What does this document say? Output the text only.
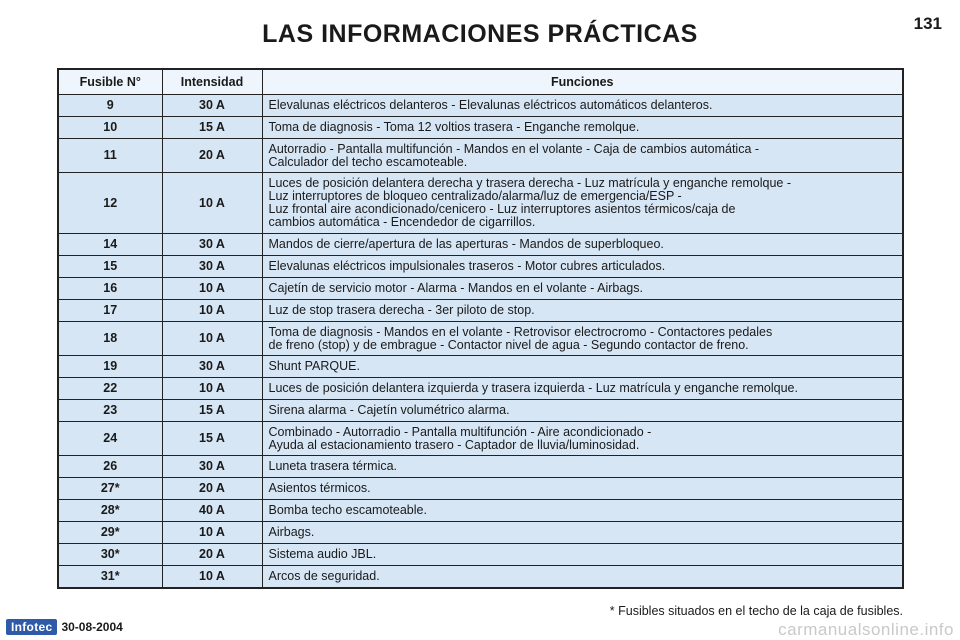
LAS INFORMACIONES PRÁCTICAS	131
Fusible N°	Intensidad	Funciones
9	30 A	Elevalunas eléctricos delanteros - Elevalunas eléctricos automáticos delanteros.

10	15 A	Toma de diagnosis - Toma 12 voltios trasera - Enganche remolque.

11	20 A	Autorradio - Pantalla multifunción - Mandos en el volante - Caja de cambios automática -
Calculador del techo escamoteable.

12	10 A	Luces de posición delantera derecha y trasera derecha - Luz matrícula y enganche remolque -
Luz interruptores de bloqueo centralizado/alarma/luz de emergencia/ESP -
Luz frontal aire acondicionado/cenicero - Luz interruptores asientos térmicos/caja de
cambios automática - Encendedor de cigarrillos.

14	30 A	Mandos de cierre/apertura de las aperturas - Mandos de superbloqueo.

15	30 A	Elevalunas eléctricos impulsionales traseros - Motor cubres articulados.

16	10 A	Cajetín de servicio motor - Alarma - Mandos en el volante - Airbags.

17	10 A	Luz de stop trasera derecha - 3er piloto de stop.

18	10 A	Toma de diagnosis - Mandos en el volante - Retrovisor electrocromo - Contactores pedales
de freno (stop) y de embrague - Contactor nivel de agua - Segundo contactor de freno.

19	30 A	Shunt PARQUE.

22	10 A	Luces de posición delantera izquierda y trasera izquierda - Luz matrícula y enganche remolque.

23	15 A	Sirena alarma - Cajetín volumétrico alarma.

24	15 A	Combinado - Autorradio - Pantalla multifunción - Aire acondicionado -
Ayuda al estacionamiento trasero - Captador de lluvia/luminosidad.

26	30 A	Luneta trasera térmica.

27*	20 A	Asientos térmicos.

28*	40 A	Bomba techo escamoteable.

29*	10 A	Airbags.

30*	20 A	Sistema audio JBL.

31*	10 A	Arcos de seguridad.
* Fusibles situados en el techo de la caja de fusibles.
Infotec 30-08-2004	carmanualsonline.info
